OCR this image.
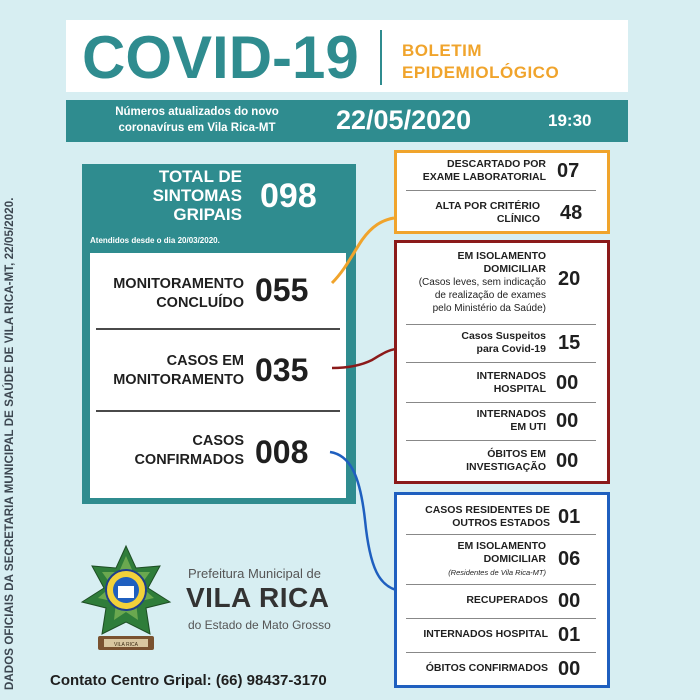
DADOS OFICIAIS DA SECRETARIA MUNICIPAL DE SAÚDE DE VILA RICA-MT, 22/05/2020.
COVID-19	BOLETIM
EPIDEMIOLÓGICO
Números atualizados do novo
coronavírus em Vila Rica-MT	22/05/2020	19:30
TOTAL DE
SINTOMAS
GRIPAIS 098
Atendidos desde o dia 20/03/2020.
MONITORAMENTO
CONCLUÍDO 055
CASOS EM
MONITORAMENTO 035
CASOS
CONFIRMADOS 008
DESCARTADO POR
EXAME LABORATORIAL 07
ALTA POR CRITÉRIO
CLÍNICO 48
EM ISOLAMENTO
DOMICILIAR
(Casos leves, sem indicação
de realização de exames
pelo Ministério da Saúde)
20
Casos Suspeitos
para Covid-19 15
INTERNADOS
HOSPITAL 00
INTERNADOS
EM UTI 00
ÓBITOS EM
INVESTIGAÇÃO 00
CASOS RESIDENTES DE
OUTROS ESTADOS 01
EM ISOLAMENTO
DOMICILIAR
(Residentes de Vila Rica-MT)
06
RECUPERADOS 00
INTERNADOS HOSPITAL 01
ÓBITOS CONFIRMADOS 00
VILA RICA
Prefeitura Municipal de
VILA RICA
do Estado de Mato Grosso
Contato Centro Gripal: (66) 98437-3170
